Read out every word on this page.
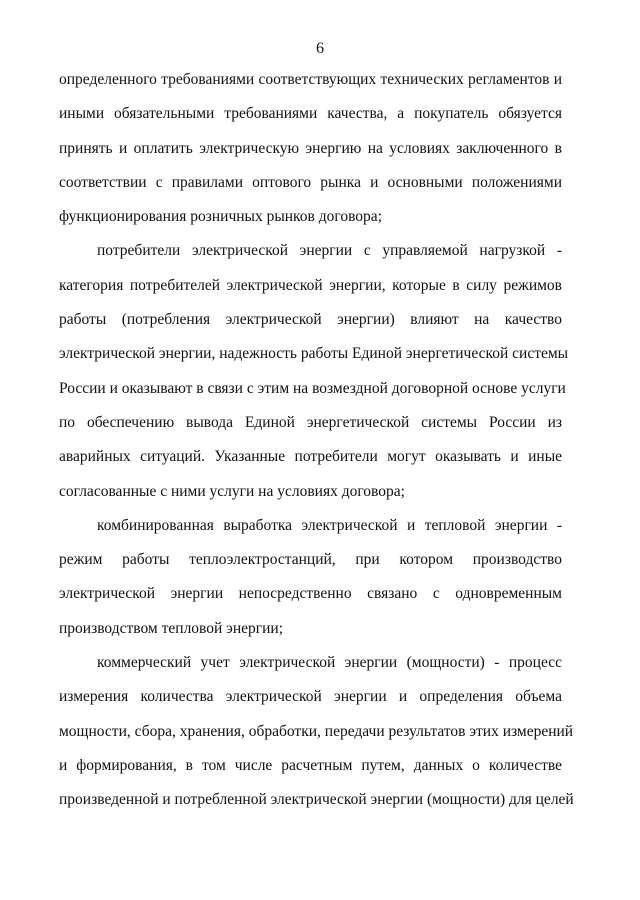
6
определенного требованиями соответствующих технических регламентов и
иными обязательными требованиями качества, а покупатель обязуется
принять и оплатить электрическую энергию на условиях заключенного в
соответствии с правилами оптового рынка и основными положениями
функционирования розничных рынков договора;
потребители электрической энергии с управляемой нагрузкой -
категория потребителей электрической энергии, которые в силу режимов
работы (потребления электрической энергии) влияют на качество
электрической энергии, надежность работы Единой энергетической системы
России и оказывают в связи с этим на возмездной договорной основе услуги
по обеспечению вывода Единой энергетической системы России из
аварийных ситуаций. Указанные потребители могут оказывать и иные
согласованные с ними услуги на условиях договора;
комбинированная выработка электрической и тепловой энергии -
режим работы теплоэлектростанций, при котором производство
электрической энергии непосредственно связано с одновременным
производством тепловой энергии;
коммерческий учет электрической энергии (мощности) - процесс
измерения количества электрической энергии и определения объема
мощности, сбора, хранения, обработки, передачи результатов этих измерений
и формирования, в том числе расчетным путем, данных о количестве
произведенной и потребленной электрической энергии (мощности) для целей
